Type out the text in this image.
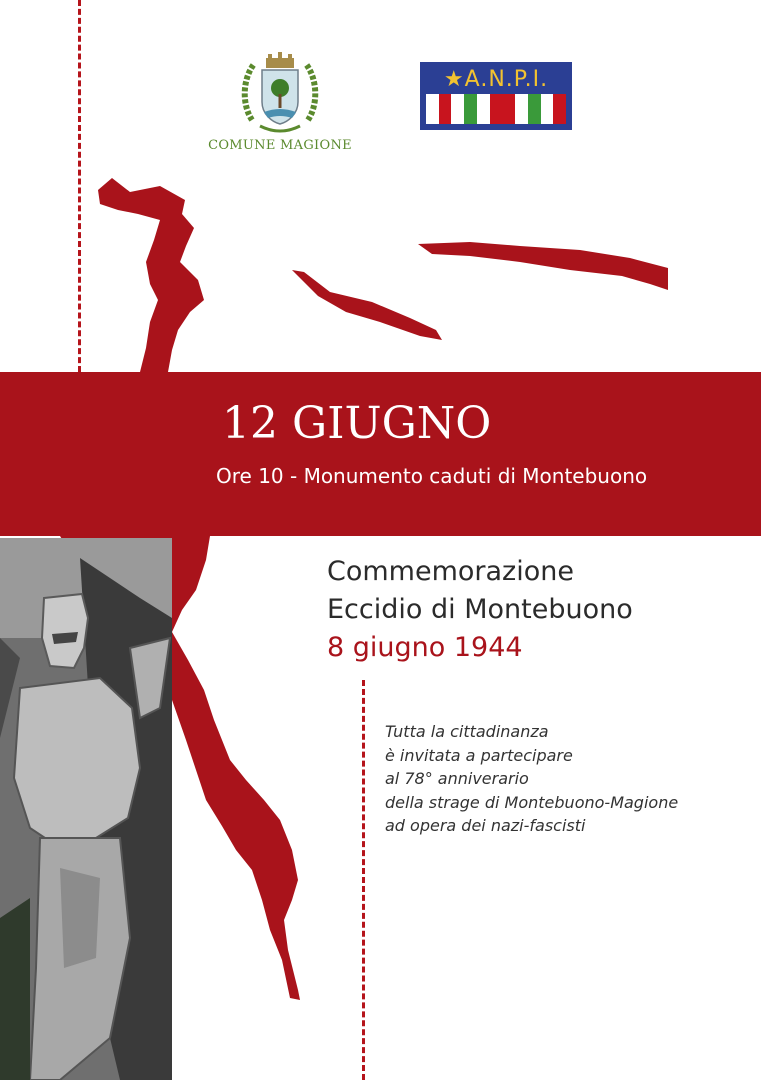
COMUNE MAGIONE
★A.N.P.I.
12 GIUGNO
Ore 10 - Monumento caduti di Montebuono
Commemorazione
Eccidio di Montebuono
8 giugno 1944
Tutta la cittadinanza
è invitata a partecipare
al 78° anniverario
della strage di Montebuono-Magione
ad opera dei nazi-fascisti
